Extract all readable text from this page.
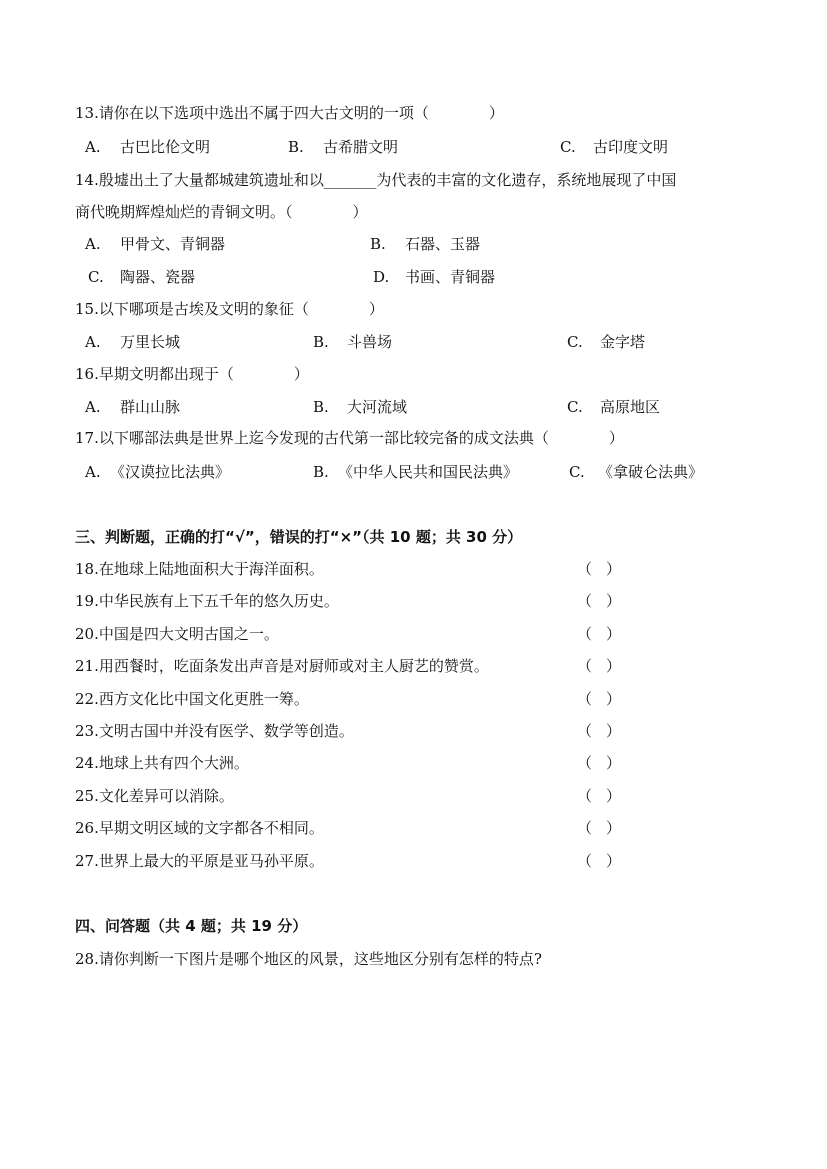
13.请你在以下选项中选出不属于四大古文明的一项（　　　　）
A. 古巴比伦文明	B. 古希腊文明	C. 古印度文明
14.殷墟出土了大量都城建筑遗址和以_______为代表的丰富的文化遗存，系统地展现了中国
商代晚期辉煌灿烂的青铜文明。（　　　　）
A. 甲骨文、青铜器	B. 石器、玉器
C. 陶器、瓷器	D. 书画、青铜器
15.以下哪项是古埃及文明的象征（　　　　）
A. 万里长城	B. 斗兽场	C. 金字塔
16.早期文明都出现于（　　　　）
A. 群山山脉	B. 大河流域	C. 高原地区
17.以下哪部法典是世界上迄今发现的古代第一部比较完备的成文法典（　　　　）
A. 《汉谟拉比法典》	B. 《中华人民共和国民法典》	C. 《拿破仑法典》
三、判断题，正确的打“√”，错误的打“×”（共 10 题；共 30 分）
18.在地球上陆地面积大于海洋面积。	（ ）
19.中华民族有上下五千年的悠久历史。	（ ）
20.中国是四大文明古国之一。	（ ）
21.用西餐时，吃面条发出声音是对厨师或对主人厨艺的赞赏。	（ ）
22.西方文化比中国文化更胜一筹。	（ ）
23.文明古国中并没有医学、数学等创造。	（ ）
24.地球上共有四个大洲。	（ ）
25.文化差异可以消除。	（ ）
26.早期文明区域的文字都各不相同。	（ ）
27.世界上最大的平原是亚马孙平原。	（ ）
四、问答题（共 4 题；共 19 分）
28.请你判断一下图片是哪个地区的风景，这些地区分别有怎样的特点?
